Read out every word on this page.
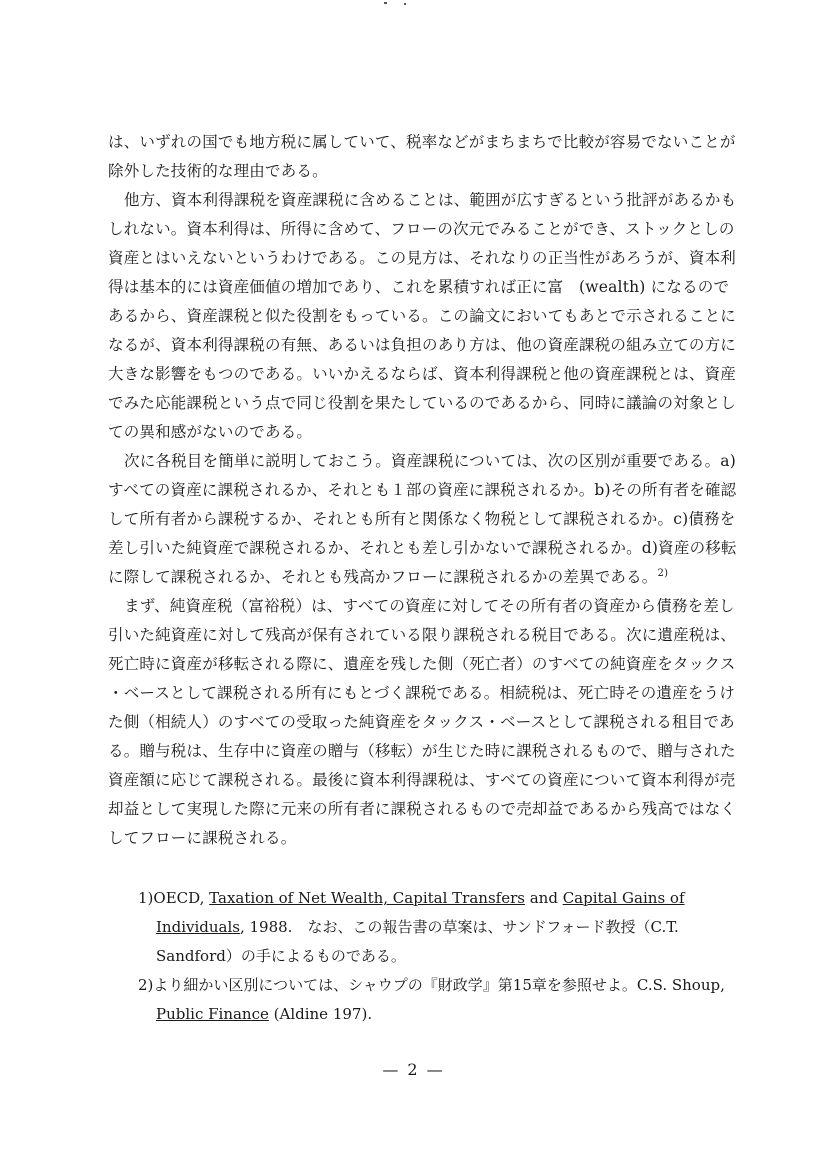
は、いずれの国でも地方税に属していて、税率などがまちまちで比較が容易でないことが
除外した技術的な理由である。
他方、資本利得課税を資産課税に含めることは、範囲が広すぎるという批評があるかも
しれない。資本利得は、所得に含めて、フローの次元でみることができ、ストックとしの
資産とはいえないというわけである。この見方は、それなりの正当性があろうが、資本利
得は基本的には資産価値の増加であり、これを累積すれば正に富　(wealth) になるので
あるから、資産課税と似た役割をもっている。この論文においてもあとで示されることに
なるが、資本利得課税の有無、あるいは負担のあり方は、他の資産課税の組み立ての方に
大きな影響をもつのである。いいかえるならば、資本利得課税と他の資産課税とは、資産
でみた応能課税という点で同じ役割を果たしているのであるから、同時に議論の対象とし
ての異和感がないのである。
次に各税目を簡単に説明しておこう。資産課税については、次の区別が重要である。a)
すべての資産に課税されるか、それとも１部の資産に課税されるか。b)その所有者を確認
して所有者から課税するか、それとも所有と関係なく物税として課税されるか。c)債務を
差し引いた純資産で課税されるか、それとも差し引かないで課税されるか。d)資産の移転
に際して課税されるか、それとも残高かフローに課税されるかの差異である。$^{2)}$
まず、純資産税（富裕税）は、すべての資産に対してその所有者の資産から債務を差し
引いた純資産に対して残高が保有されている限り課税される税目である。次に遺産税は、
死亡時に資産が移転される際に、遺産を残した側（死亡者）のすべての純資産をタックス
・ベースとして課税される所有にもとづく課税である。相続税は、死亡時その遺産をうけ
た側（相続人）のすべての受取った純資産をタックス・ベースとして課税される租目であ
る。贈与税は、生存中に資産の贈与（移転）が生じた時に課税されるもので、贈与された
資産額に応じて課税される。最後に資本利得課税は、すべての資産について資本利得が売
却益として実現した際に元来の所有者に課税されるもので売却益であるから残高ではなく
してフローに課税される。
1)OECD, Taxation of Net Wealth, Capital Transfers and Capital Gains of
Individuals, 1988.　なお、この報告書の草案は、サンドフォード教授（C.T.
Sandford）の手によるものである。
2)より細かい区別については、シャウプの『財政学』第15章を参照せよ。C.S. Shoup,
Public Finance (Aldine 197).
— 2 —
